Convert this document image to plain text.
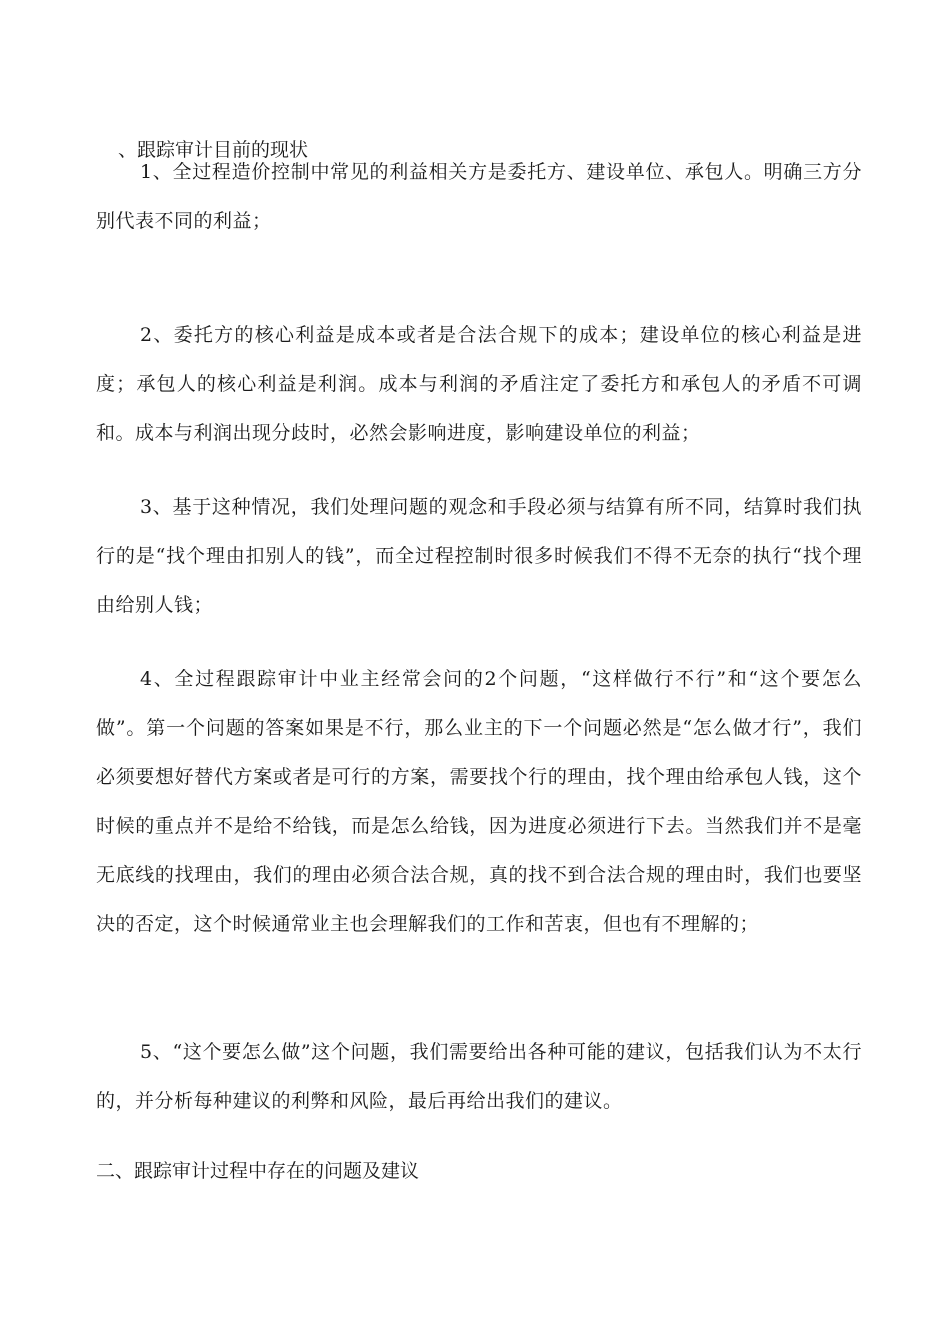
、跟踪审计目前的现状
1、全过程造价控制中常见的利益相关方是委托方、建设单位、承包人。明确三方分别代表不同的利益；
2、委托方的核心利益是成本或者是合法合规下的成本；建设单位的核心利益是进度；承包人的核心利益是利润。成本与利润的矛盾注定了委托方和承包人的矛盾不可调和。成本与利润出现分歧时，必然会影响进度，影响建设单位的利益；
3、基于这种情况，我们处理问题的观念和手段必须与结算有所不同，结算时我们执行的是“找个理由扣别人的钱”，而全过程控制时很多时候我们不得不无奈的执行“找个理由给别人钱；
4、全过程跟踪审计中业主经常会问的2个问题，“这样做行不行”和“这个要怎么做”。第一个问题的答案如果是不行，那么业主的下一个问题必然是“怎么做才行”，我们必须要想好替代方案或者是可行的方案，需要找个行的理由，找个理由给承包人钱，这个时候的重点并不是给不给钱，而是怎么给钱，因为进度必须进行下去。当然我们并不是毫无底线的找理由，我们的理由必须合法合规，真的找不到合法合规的理由时，我们也要坚决的否定，这个时候通常业主也会理解我们的工作和苦衷，但也有不理解的；
5、“这个要怎么做”这个问题，我们需要给出各种可能的建议，包括我们认为不太行的，并分析每种建议的利弊和风险，最后再给出我们的建议。
二、跟踪审计过程中存在的问题及建议
